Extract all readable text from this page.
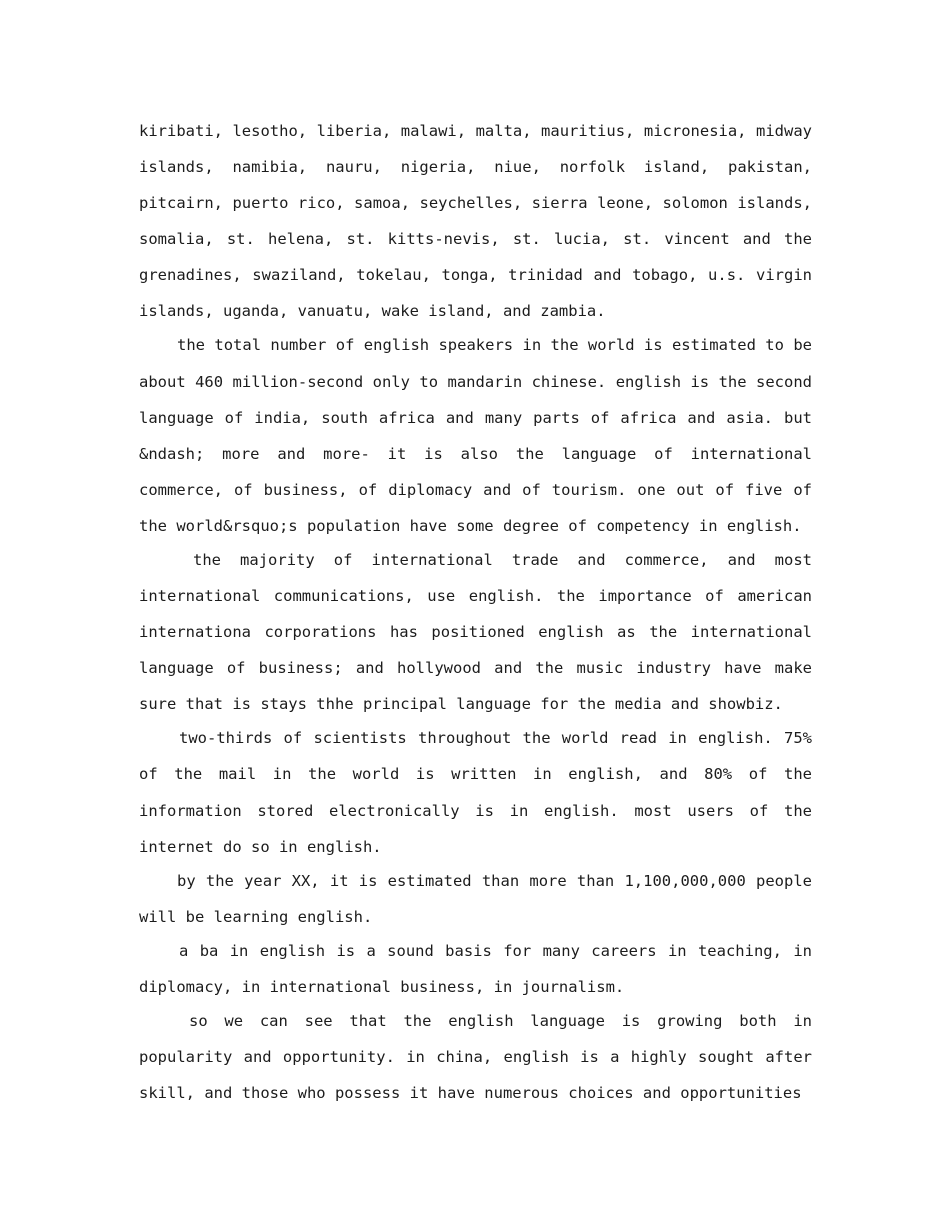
kiribati, lesotho, liberia, malawi, malta, mauritius, micronesia, midway islands, namibia, nauru, nigeria, niue, norfolk island, pakistan, pitcairn, puerto rico, samoa, seychelles, sierra leone, solomon islands, somalia, st. helena, st. kitts-nevis, st. lucia, st. vincent and the grenadines, swaziland, tokelau, tonga, trinidad and tobago, u.s. virgin islands, uganda, vanuatu, wake island, and zambia.

the total number of english speakers in the world is estimated to be about 460 million-second only to mandarin chinese. english is the second language of india, south africa and many parts of africa and asia. but &ndash; more and more- it is also the language of international commerce, of business, of diplomacy and of tourism. one out of five of the world&rsquo;s population have some degree of competency in english.

the majority of international trade and commerce, and most international communications, use english. the importance of american internationa corporations has positioned english as the international language of business; and hollywood and the music industry have make sure that is stays thhe principal language for the media and showbiz.

two-thirds of scientists throughout the world read in english. 75% of the mail in the world is written in english, and 80% of the information stored electronically is in english. most users of the internet do so in english.

by the year XX, it is estimated than more than 1,100,000,000 people will be learning english.

a ba in english is a sound basis for many careers in teaching, in diplomacy, in international business, in journalism.

so we can see that the english language is growing both in popularity and opportunity. in china, english is a highly sought after skill, and those who possess it have numerous choices and opportunities
